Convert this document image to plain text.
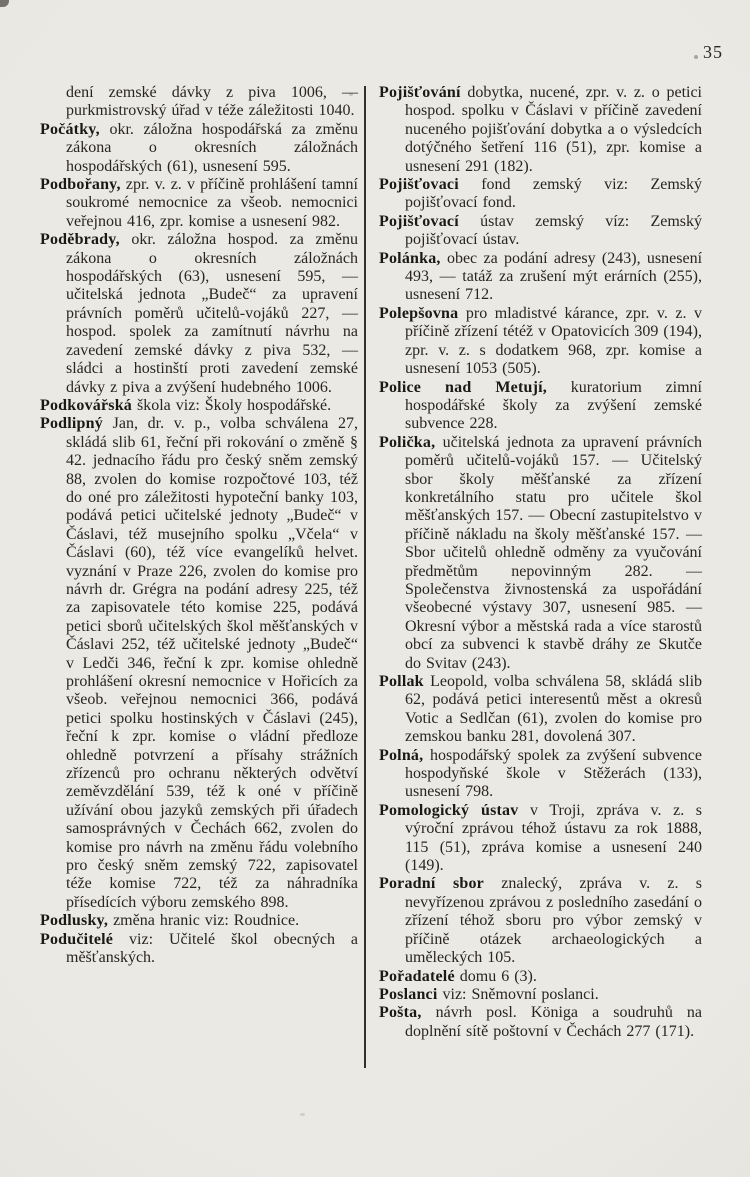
35

dení zemské dávky z piva 1006, — purkmistrovský úřad v téže záležitosti 1040.

Počátky, okr. záložna hospodářská za změnu zákona o okresních záložnách hospodářských (61), usnesení 595.

Podbořany, zpr. v. z. v příčině prohlášení tamní soukromé nemocnice za všeob. nemocnici veřejnou 416, zpr. komise a usnesení 982.

Poděbrady, okr. záložna hospod. za změnu zákona o okresních záložnách hospodářských (63), usnesení 595, — učitelská jednota „Budeč“ za upravení právních poměrů učitelů-vojáků 227, — hospod. spolek za zamítnutí návrhu na zavedení zemské dávky z piva 532, — sládci a hostinští proti zavedení zemské dávky z piva a zvýšení hudebného 1006.

Podkovářská škola viz: Školy hospodářské.

Podlipný Jan, dr. v. p., volba schválena 27, skládá slib 61, řeční při rokování o změně § 42. jednacího řádu pro český sněm zemský 88, zvolen do komise rozpočtové 103, též do oné pro záležitosti hypoteční banky 103, podává petici učitelské jednoty „Budeč“ v Čáslavi, též musejního spolku „Včela“ v Čáslavi (60), též více evangelíků helvet. vyznání v Praze 226, zvolen do komise pro návrh dr. Grégra na podání adresy 225, též za zapisovatele této komise 225, podává petici sborů učitelských škol měšťanských v Čáslavi 252, též učitelské jednoty „Budeč“ v Ledči 346, řeční k zpr. komise ohledně prohlášení okresní nemocnice v Hořicích za všeob. veřejnou nemocnici 366, podává petici spolku hostinských v Čáslavi (245), řeční k zpr. komise o vládní předloze ohledně potvrzení a přísahy strážních zřízenců pro ochranu některých odvětví zeměvzdělání 539, též k oné v příčině užívání obou jazyků zemských při úřadech samosprávných v Čechách 662, zvolen do komise pro návrh na změnu řádu volebního pro český sněm zemský 722, zapisovatel téže komise 722, též za náhradníka přísedících výboru zemského 898.

Podlusky, změna hranic viz: Roudnice.

Podučitelé viz: Učitelé škol obecných a měšťanských.

Pojišťování dobytka, nucené, zpr. v. z. o petici hospod. spolku v Čáslavi v příčině zavedení nuceného pojišťování dobytka a o výsledcích dotýčného šetření 116 (51), zpr. komise a usnesení 291 (182).

Pojišťovaci fond zemský viz: Zemský pojišťovací fond.

Pojišťovací ústav zemský víz: Zemský pojišťovací ústav.

Polánka, obec za podání adresy (243), usnesení 493, — tatáž za zrušení mýt erárních (255), usnesení 712.

Polepšovna pro mladistvé kárance, zpr. v. z. v příčině zřízení tétéž v Opatovicích 309 (194), zpr. v. z. s dodatkem 968, zpr. komise a usnesení 1053 (505).

Police nad Metují, kuratorium zimní hospodářské školy za zvýšení zemské subvence 228.

Polička, učitelská jednota za upravení právních poměrů učitelů-vojáků 157. — Učitelský sbor školy měšťanské za zřízení konkretálního statu pro učitele škol měšťanských 157. — Obecní zastupitelstvo v příčině nákladu na školy měšťanské 157. — Sbor učitelů ohledně odměny za vyučování předmětům nepovinným 282. — Společenstva živnostenská za uspořádání všeobecné výstavy 307, usnesení 985. — Okresní výbor a městská rada a více starostů obcí za subvenci k stavbě dráhy ze Skutče do Svitav (243).

Pollak Leopold, volba schválena 58, skládá slib 62, podává petici interesentů měst a okresů Votic a Sedlčan (61), zvolen do komise pro zemskou banku 281, dovolená 307.

Polná, hospodářský spolek za zvýšení subvence hospodyňské škole v Stěžerách (133), usnesení 798.

Pomologický ústav v Troji, zpráva v. z. s výroční zprávou téhož ústavu za rok 1888, 115 (51), zpráva komise a usnesení 240 (149).

Poradní sbor znalecký, zpráva v. z. s nevyřízenou zprávou z posledního zasedání o zřízení téhož sboru pro výbor zemský v příčině otázek archaeologických a uměleckých 105.

Pořadatelé domu 6 (3).

Poslanci viz: Sněmovní poslanci.

Pošta, návrh posl. Königa a soudruhů na doplnění sítě poštovní v Čechách 277 (171).
